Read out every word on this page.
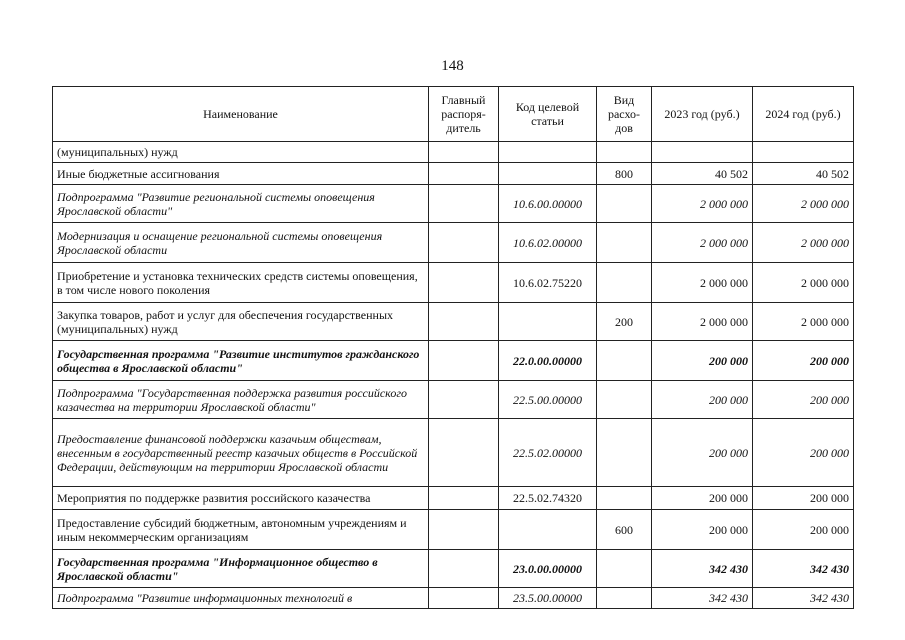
148
Наименование	Главный распоря-дитель	Код целевой статьи	Вид расхо-дов	2023 год (руб.)	2024 год (руб.)
(муниципальных) нужд					
Иные бюджетные ассигнования			800	40 502	40 502
Подпрограмма "Развитие региональной системы оповещения Ярославской области"		10.6.00.00000		2 000 000	2 000 000
Модернизация и оснащение региональной системы оповещения Ярославской области		10.6.02.00000		2 000 000	2 000 000
Приобретение и установка технических средств системы оповещения, в том числе нового поколения		10.6.02.75220		2 000 000	2 000 000
Закупка товаров, работ и услуг для обеспечения государственных (муниципальных) нужд			200	2 000 000	2 000 000
Государственная программа "Развитие институтов гражданского общества в Ярославской области"		22.0.00.00000		200 000	200 000
Подпрограмма "Государственная поддержка развития российского казачества на территории Ярославской области"		22.5.00.00000		200 000	200 000
Предоставление финансовой поддержки казачьим обществам, внесенным в государственный реестр казачьих обществ в Российской Федерации, действующим на территории Ярославской области		22.5.02.00000		200 000	200 000
Мероприятия по поддержке развития российского казачества		22.5.02.74320		200 000	200 000
Предоставление субсидий бюджетным, автономным учреждениям и иным некоммерческим организациям			600	200 000	200 000
Государственная программа "Информационное общество в Ярославской области"		23.0.00.00000		342 430	342 430
Подпрограмма "Развитие информационных технологий в		23.5.00.00000		342 430	342 430
